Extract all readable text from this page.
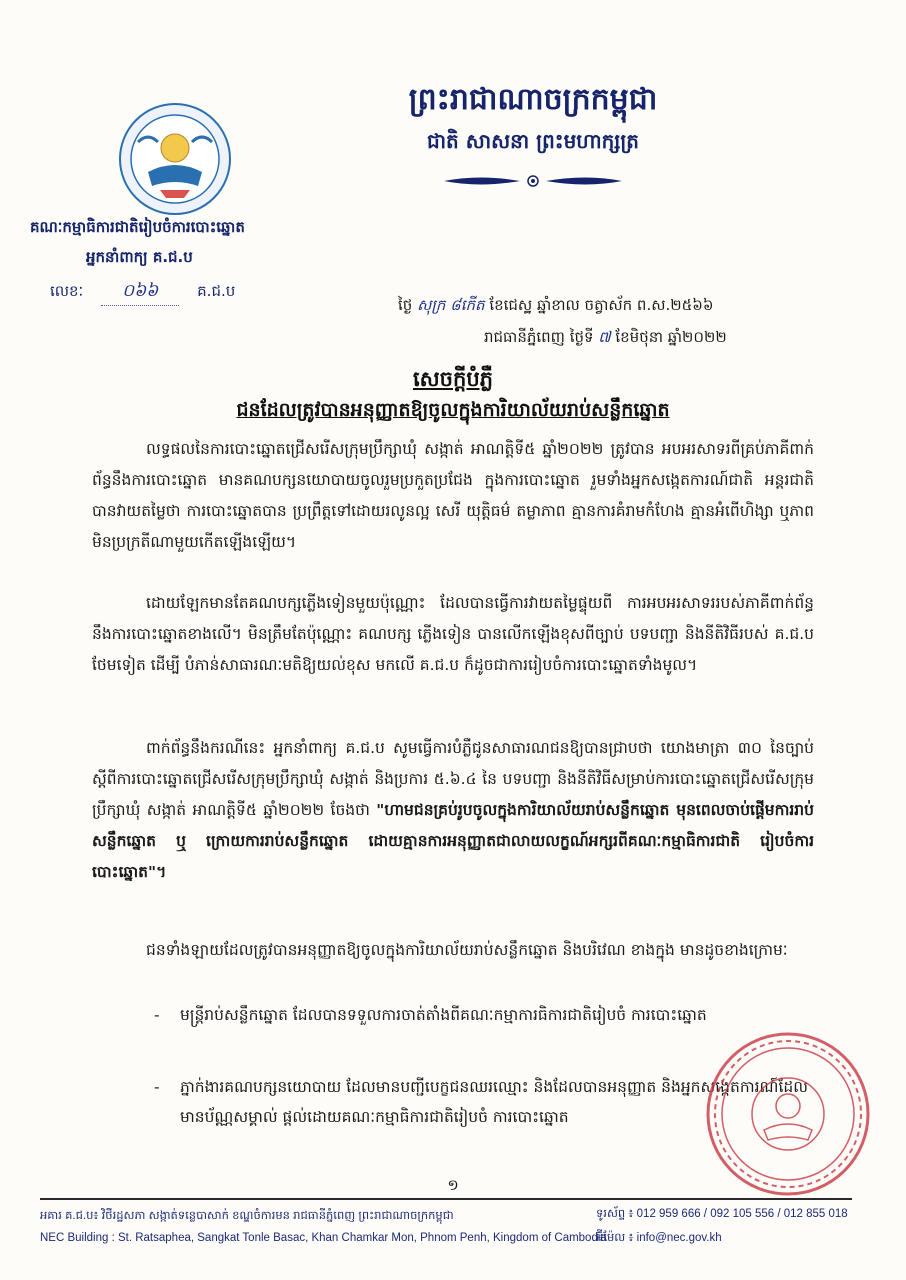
ព្រះរាជាណាចក្រកម្ពុជា
ជាតិ សាសនា ព្រះមហាក្សត្រ
គណៈកម្មាធិការជាតិរៀបចំការបោះឆ្នោត
អ្នកនាំពាក្យ គ.ជ.ប
លេខៈ ០៦៦	គ.ជ.ប
ថ្ងៃ សុក្រ ៨កើត ខែជេស្ឋ ឆ្នាំខាល ចត្វាស័ក ព.ស.២៥៦៦
រាជធានីភ្នំពេញ ថ្ងៃទី ៧ ខែមិថុនា ឆ្នាំ២០២២
សេចក្តីបំភ្លឺ
ជនដែលត្រូវបានអនុញ្ញាតឱ្យចូលក្នុងការិយាល័យរាប់សន្លឹកឆ្នោត
លទ្ធផលនៃការបោះឆ្នោតជ្រើសរើសក្រុមប្រឹក្សាឃុំ សង្កាត់ អាណត្តិទី៥ ឆ្នាំ២០២២ ត្រូវបាន អបអរសាទរពីគ្រប់ភាគីពាក់ព័ន្ធនឹងការបោះឆ្នោត មានគណបក្សនយោបាយចូលរួមប្រកួតប្រជែង ក្នុងការបោះឆ្នោត រួមទាំងអ្នកសង្កេតការណ៍ជាតិ អន្តរជាតិ បានវាយតម្លៃថា ការបោះឆ្នោតបាន ប្រព្រឹត្តទៅដោយរលូនល្អ សេរី យុត្តិធម៌ តម្លាភាព គ្មានការគំរាមកំហែង គ្មានអំពើហិង្សា ឬភាព មិនប្រក្រតីណាមួយកើតឡើងឡើយ។
ដោយឡែកមានតែគណបក្សភ្លើងទៀនមួយប៉ុណ្ណោះ ដែលបានធ្វើការវាយតម្លៃផ្ទុយពី ការអបអរសាទររបស់ភាគីពាក់ព័ន្ធនឹងការបោះឆ្នោតខាងលើ។ មិនត្រឹមតែប៉ុណ្ណោះ គណបក្ស ភ្លើងទៀន បានលើកឡើងខុសពីច្បាប់ បទបញ្ជា និងនីតិវិធីរបស់ គ.ជ.ប ថែមទៀត ដើម្បី បំភាន់សាធារណៈមតិឱ្យយល់ខុស មកលើ គ.ជ.ប ក៏ដូចជាការរៀបចំការបោះឆ្នោតទាំងមូល។
ពាក់ព័ន្ធនឹងករណីនេះ អ្នកនាំពាក្យ គ.ជ.ប សូមធ្វើការបំភ្លឺជូនសាធារណជនឱ្យបានជ្រាបថា យោងមាត្រា ៣០ នៃច្បាប់ស្តីពីការបោះឆ្នោតជ្រើសរើសក្រុមប្រឹក្សាឃុំ សង្កាត់ និងប្រការ ៥.៦.៤ នៃ បទបញ្ជា និងនីតិវិធីសម្រាប់ការបោះឆ្នោតជ្រើសរើសក្រុមប្រឹក្សាឃុំ សង្កាត់ អាណត្តិទី៥ ឆ្នាំ២០២២ ចែងថា "ហាមជនគ្រប់រូបចូលក្នុងការិយាល័យរាប់សន្លឹកឆ្នោត មុនពេលចាប់ផ្តើមការរាប់សន្លឹកឆ្នោត ឬ ក្រោយការរាប់សន្លឹកឆ្នោត ដោយគ្មានការអនុញ្ញាតជាលាយលក្ខណ៍អក្សរពីគណៈកម្មាធិការជាតិ រៀបចំការបោះឆ្នោត"។
ជនទាំងឡាយដែលត្រូវបានអនុញ្ញាតឱ្យចូលក្នុងការិយាល័យរាប់សន្លឹកឆ្នោត និងបរិវេណ ខាងក្នុង មានដូចខាងក្រោមៈ
- មន្ត្រីរាប់សន្លឹកឆ្នោត ដែលបានទទួលការចាត់តាំងពីគណៈកម្មាការធិការជាតិរៀបចំ ការបោះឆ្នោត
- ភ្នាក់ងារគណបក្សនយោបាយ ដែលមានបញ្ជីបេក្ខជនឈរឈ្មោះ និងដែលបានអនុញ្ញាត និងអ្នកសង្កេតការណ៍ដែលមានប័ណ្ណសម្គាល់ ផ្តល់ដោយគណៈកម្មាធិការជាតិរៀបចំ ការបោះឆ្នោត
១
អគារ គ.ជ.ប៖ វិថីរដ្ឋសភា សង្កាត់ទន្លេបាសាក់ ខណ្ឌចំការមន រាជធានីភ្នំពេញ ព្រះរាជាណាចក្រកម្ពុជា
NEC Building : St. Ratsaphea, Sangkat Tonle Basac, Khan Chamkar Mon, Phnom Penh, Kingdom of Cambodia
ទូរស័ព្ទ ៖ 012 959 666 / 092 105 556 / 012 855 018
អ៊ីម៉ែល ៖ info@nec.gov.kh
